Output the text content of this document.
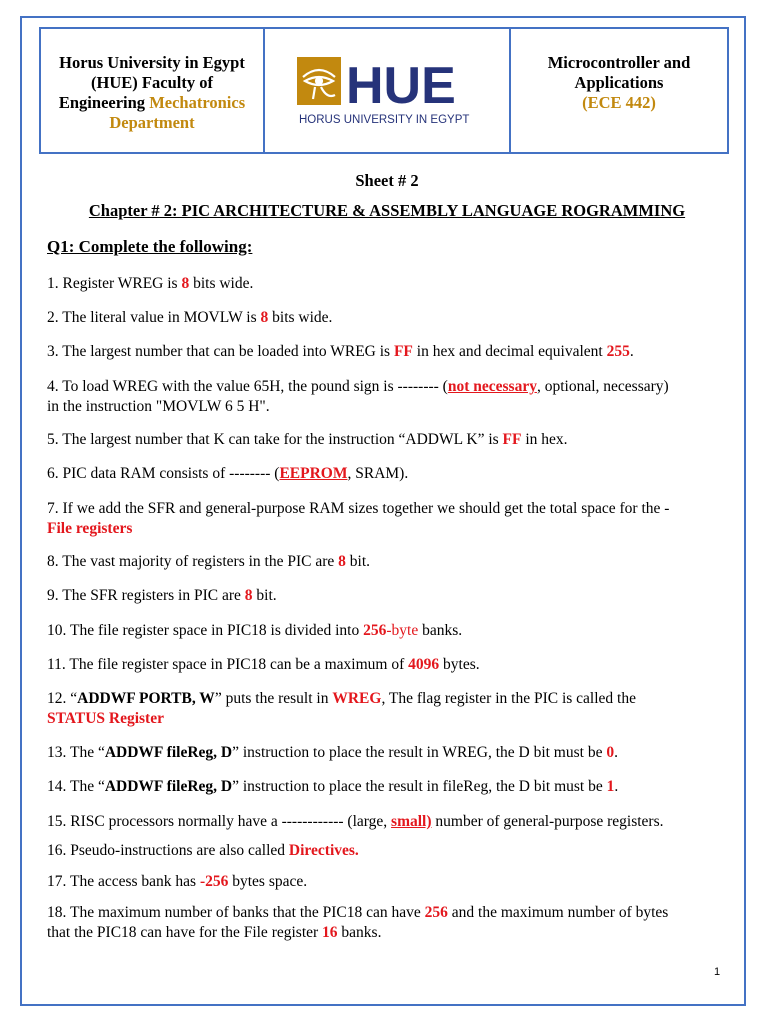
Horus University in Egypt
(HUE) Faculty of
Engineering Mechatronics
Department
HUE
HORUS UNIVERSITY IN EGYPT
Microcontroller and
Applications
(ECE 442)
Sheet # 2
Chapter # 2: PIC ARCHITECTURE & ASSEMBLY LANGUAGE ROGRAMMING
Q1: Complete the following:
1. Register WREG is 8 bits wide.
2. The literal value in MOVLW is 8 bits wide.
3. The largest number that can be loaded into WREG is FF in hex and decimal equivalent 255.
4. To load WREG with the value 65H, the pound sign is -------- (not necessary, optional, necessary)
in the instruction "MOVLW 6 5 H".
5. The largest number that K can take for the instruction “ADDWL K” is FF in hex.
6. PIC data RAM consists of -------- (EEPROM, SRAM).
7. If we add the SFR and general-purpose RAM sizes together we should get the total space for the -
File registers
8. The vast majority of registers in the PIC are 8 bit.
9. The SFR registers in PIC are 8 bit.
10. The file register space in PIC18 is divided into 256-byte banks.
11. The file register space in PIC18 can be a maximum of 4096 bytes.
12. “ADDWF PORTB, W” puts the result in WREG, The flag register in the PIC is called the
STATUS Register
13. The “ADDWF fileReg, D” instruction to place the result in WREG, the D bit must be 0.
14. The “ADDWF fileReg, D” instruction to place the result in fileReg, the D bit must be 1.
15. RISC processors normally have a ------------ (large, small) number of general-purpose registers.
16. Pseudo-instructions are also called Directives.
17. The access bank has -256 bytes space.
18. The maximum number of banks that the PIC18 can have 256 and the maximum number of bytes
that the PIC18 can have for the File register 16 banks.
1
